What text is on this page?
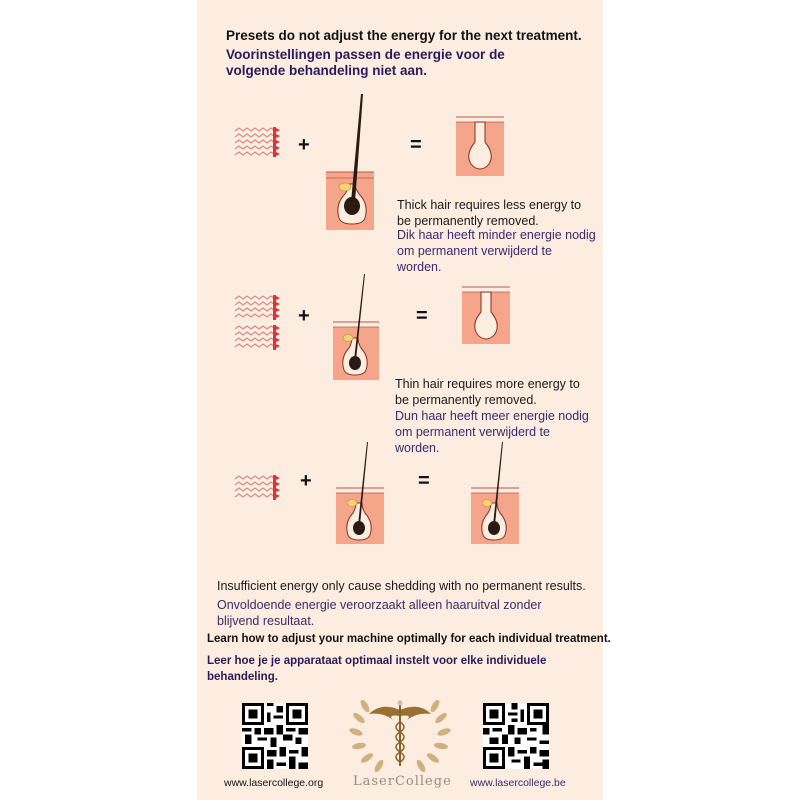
Presets do not adjust the energy for the next treatment.
Voorinstellingen passen de energie voor de volgende behandeling niet aan.
+	=
Thick hair requires less energy to be permanently removed.
Dik haar heeft minder energie nodig om permanent verwijderd te worden.
+	=
Thin hair requires more energy to be permanently removed.
Dun haar heeft meer energie nodig om permanent verwijderd te worden.
+	=
Insufficient energy only cause shedding with no permanent results.
Onvoldoende energie veroorzaakt alleen haaruitval zonder blijvend resultaat.
Learn how to adjust your machine optimally for each individual treatment.
Leer hoe je je apparataat optimaal instelt voor elke individuele behandeling.
www.lasercollege.org LaserCollege www.lasercollege.be
